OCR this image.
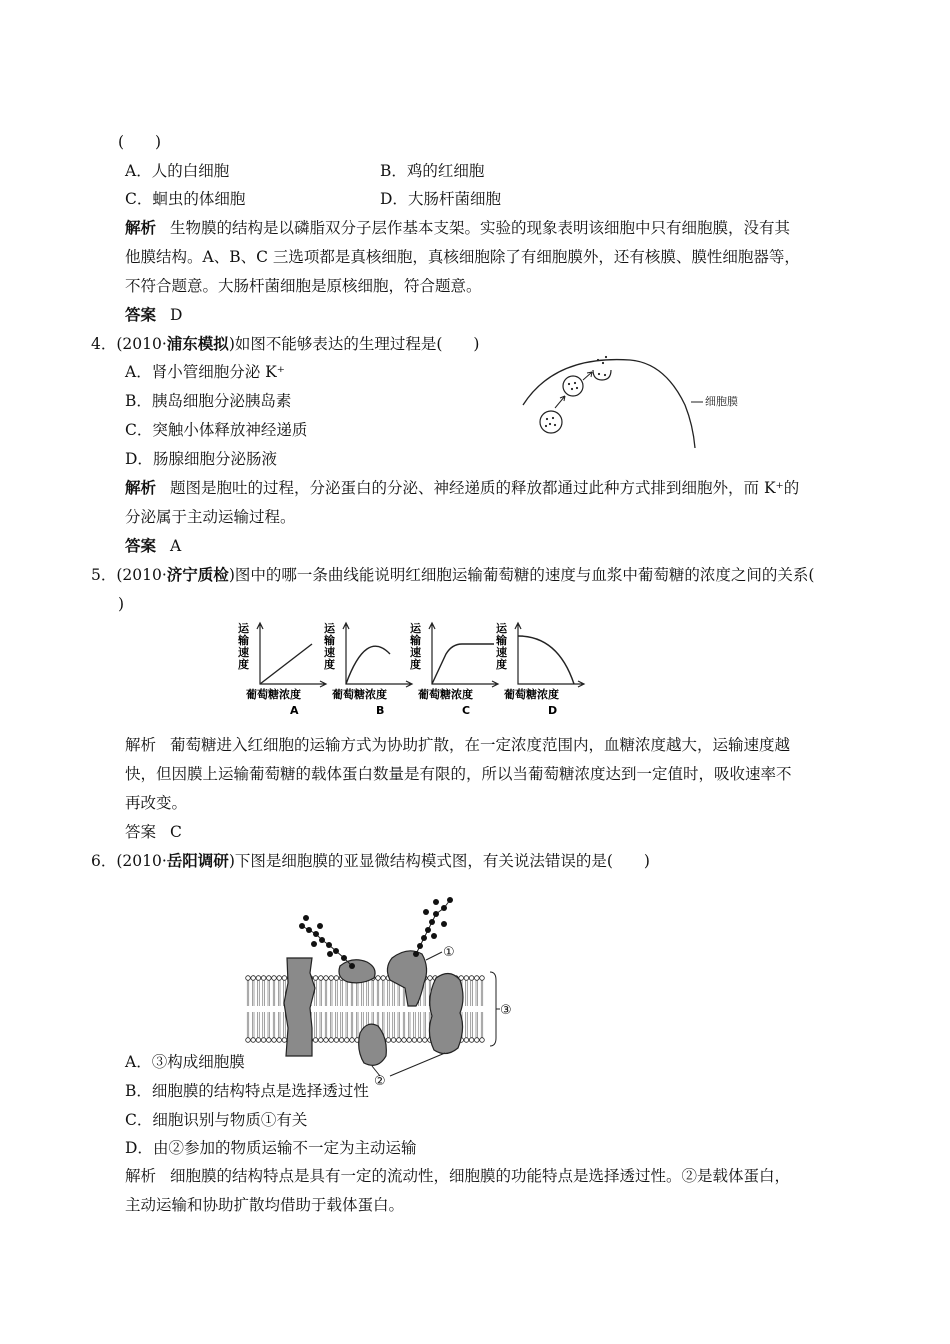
(　　)
A．人的白细胞	B．鸡的红细胞
C．蛔虫的体细胞	D．大肠杆菌细胞
解析 生物膜的结构是以磷脂双分子层作基本支架。实验的现象表明该细胞中只有细胞膜，没有其
他膜结构。A、B、C 三选项都是真核细胞，真核细胞除了有细胞膜外，还有核膜、膜性细胞器等，
不符合题意。大肠杆菌细胞是原核细胞，符合题意。
答案 D
4．(2010·浦东模拟)如图不能够表达的生理过程是(　　)
A．肾小管细胞分泌 K⁺
B．胰岛细胞分泌胰岛素
C．突触小体释放神经递质
D．肠腺细胞分泌肠液
细胞膜
解析 题图是胞吐的过程，分泌蛋白的分泌、神经递质的释放都通过此种方式排到细胞外，而 K⁺的
分泌属于主动运输过程。
答案 A
5．(2010·济宁质检)图中的哪一条曲线能说明红细胞运输葡萄糖的速度与血浆中葡萄糖的浓度之间的关系(
)
运
输
速
度
葡萄糖浓度
A
运
输
速
度
葡萄糖浓度
B
运
输
速
度
葡萄糖浓度
C
运
输
速
度
葡萄糖浓度
D
解析 葡萄糖进入红细胞的运输方式为协助扩散，在一定浓度范围内，血糖浓度越大，运输速度越
快，但因膜上运输葡萄糖的载体蛋白数量是有限的，所以当葡萄糖浓度达到一定值时，吸收速率不
再改变。
答案 C
6．(2010·岳阳调研)下图是细胞膜的亚显微结构模式图，有关说法错误的是(　　)
①
②
③
A．③构成细胞膜
B．细胞膜的结构特点是选择透过性
C．细胞识别与物质①有关
D．由②参加的物质运输不一定为主动运输
解析 细胞膜的结构特点是具有一定的流动性，细胞膜的功能特点是选择透过性。②是载体蛋白，
主动运输和协助扩散均借助于载体蛋白。
